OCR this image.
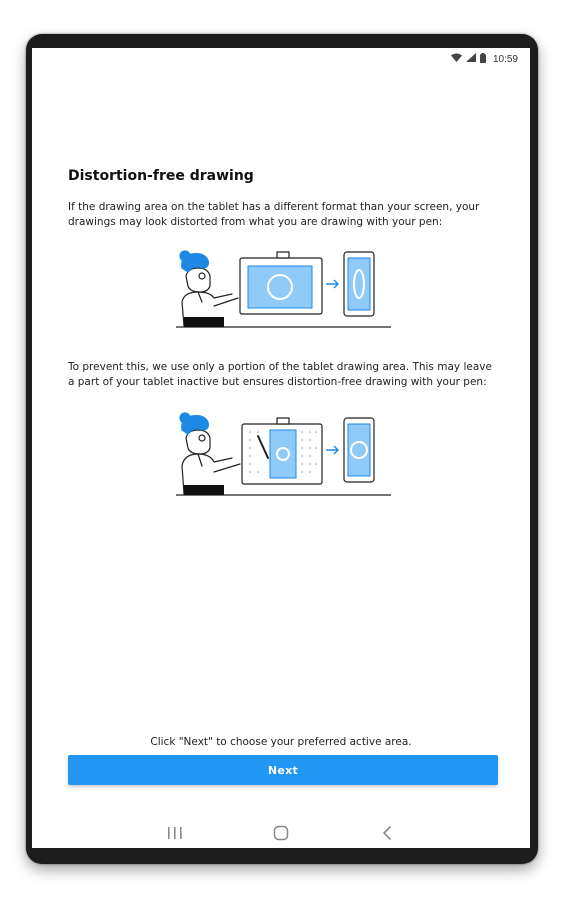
10:59
Distortion-free drawing

If the drawing area on the tablet has a different format than your screen, your
drawings may look distorted from what you are drawing with your pen:

To prevent this, we use only a portion of the tablet drawing area. This may leave
a part of your tablet inactive but ensures distortion-free drawing with your pen:

Click "Next" to choose your preferred active area.
Next
